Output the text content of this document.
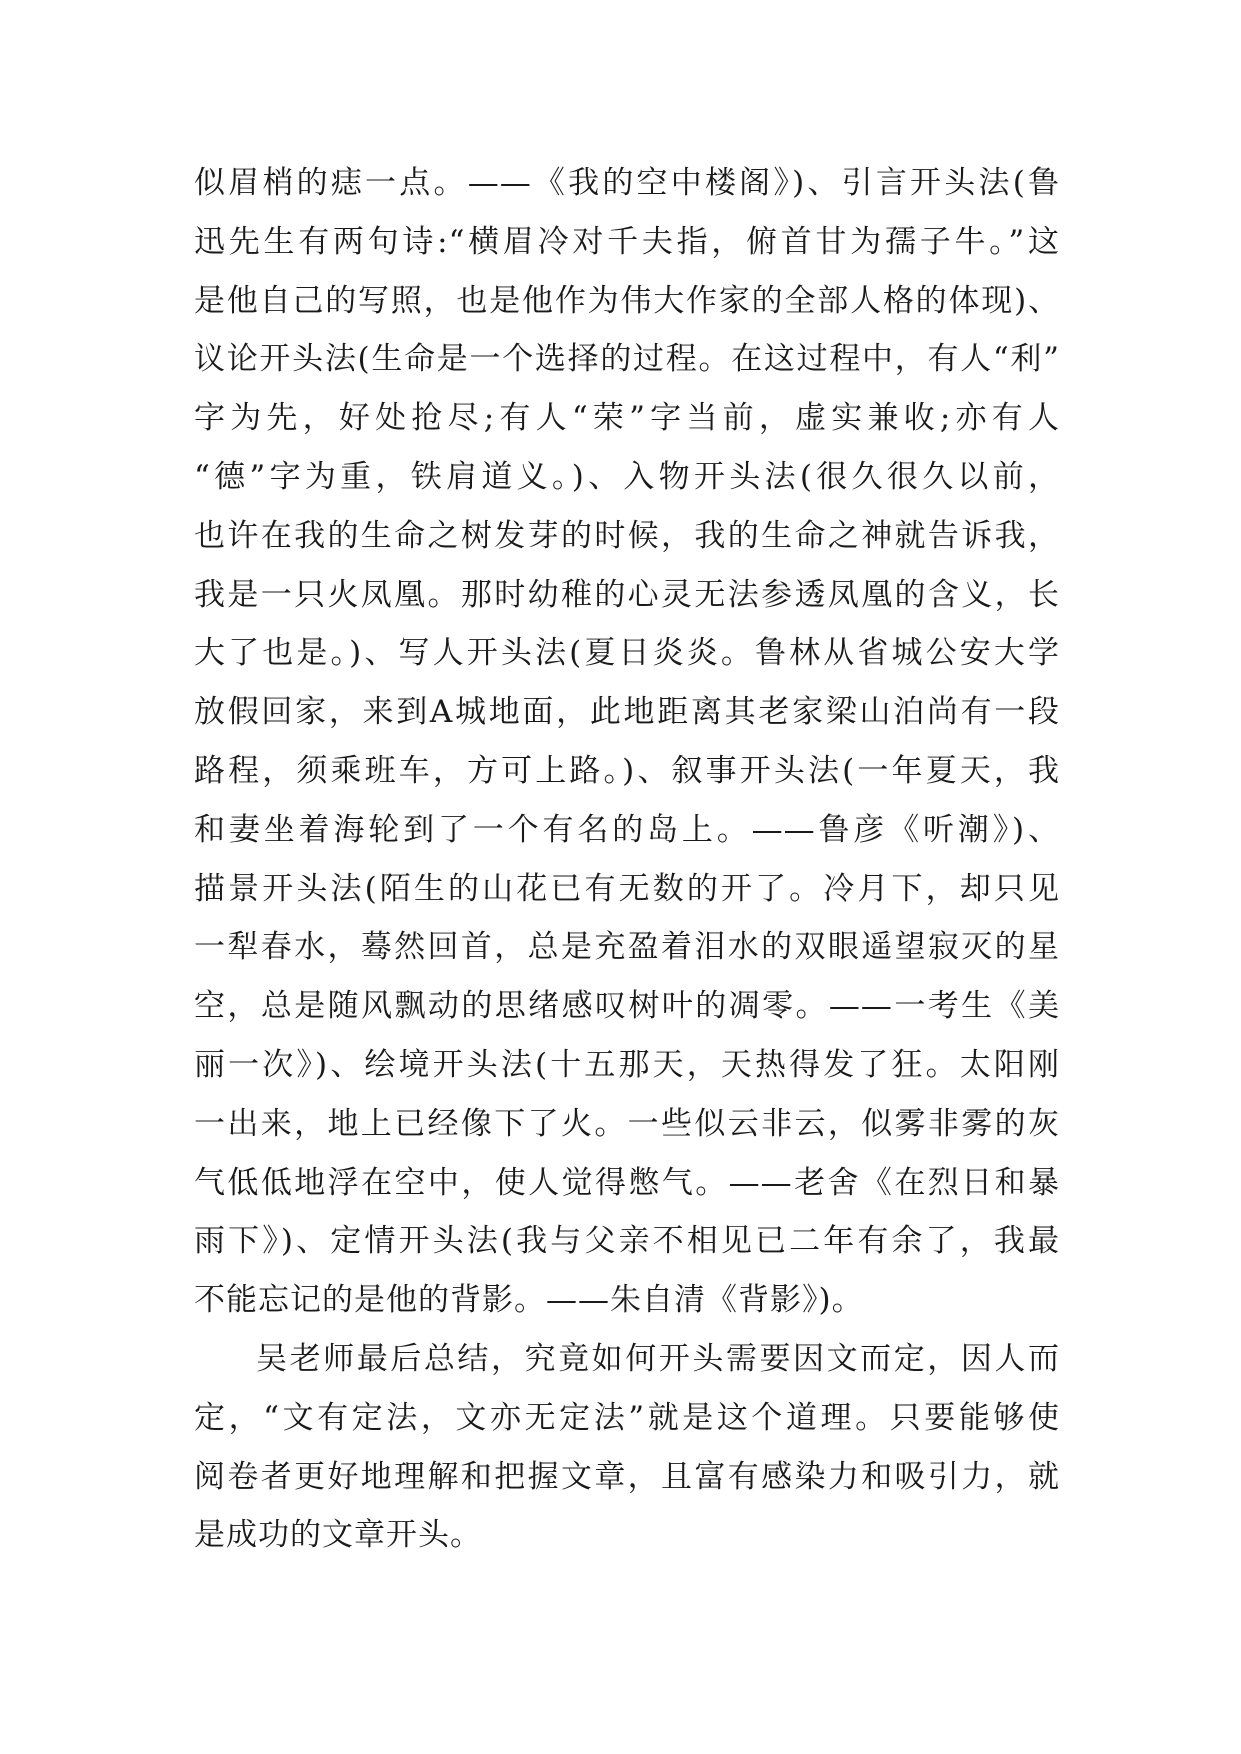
似眉梢的痣一点。——《我的空中楼阁》)、引言开头法(鲁
迅先生有两句诗:“横眉冷对千夫指，俯首甘为孺子牛。”这
是他自己的写照，也是他作为伟大作家的全部人格的体现)、
议论开头法(生命是一个选择的过程。在这过程中，有人“利”
字为先，好处抢尽;有人“荣”字当前，虚实兼收;亦有人
“德”字为重，铁肩道义。)、入物开头法(很久很久以前，
也许在我的生命之树发芽的时候，我的生命之神就告诉我，
我是一只火凤凰。那时幼稚的心灵无法参透凤凰的含义，长
大了也是。)、写人开头法(夏日炎炎。鲁林从省城公安大学
放假回家，来到A城地面，此地距离其老家梁山泊尚有一段
路程，须乘班车，方可上路。)、叙事开头法(一年夏天，我
和妻坐着海轮到了一个有名的岛上。——鲁彦《听潮》)、
描景开头法(陌生的山花已有无数的开了。冷月下，却只见
一犁春水，蓦然回首，总是充盈着泪水的双眼遥望寂灭的星
空，总是随风飘动的思绪感叹树叶的凋零。——一考生《美
丽一次》)、绘境开头法(十五那天，天热得发了狂。太阳刚
一出来，地上已经像下了火。一些似云非云，似雾非雾的灰
气低低地浮在空中，使人觉得憋气。——老舍《在烈日和暴
雨下》)、定情开头法(我与父亲不相见已二年有余了，我最
不能忘记的是他的背影。——朱自清《背影》)。
吴老师最后总结，究竟如何开头需要因文而定，因人而
定，“文有定法，文亦无定法”就是这个道理。只要能够使
阅卷者更好地理解和把握文章，且富有感染力和吸引力，就
是成功的文章开头。
